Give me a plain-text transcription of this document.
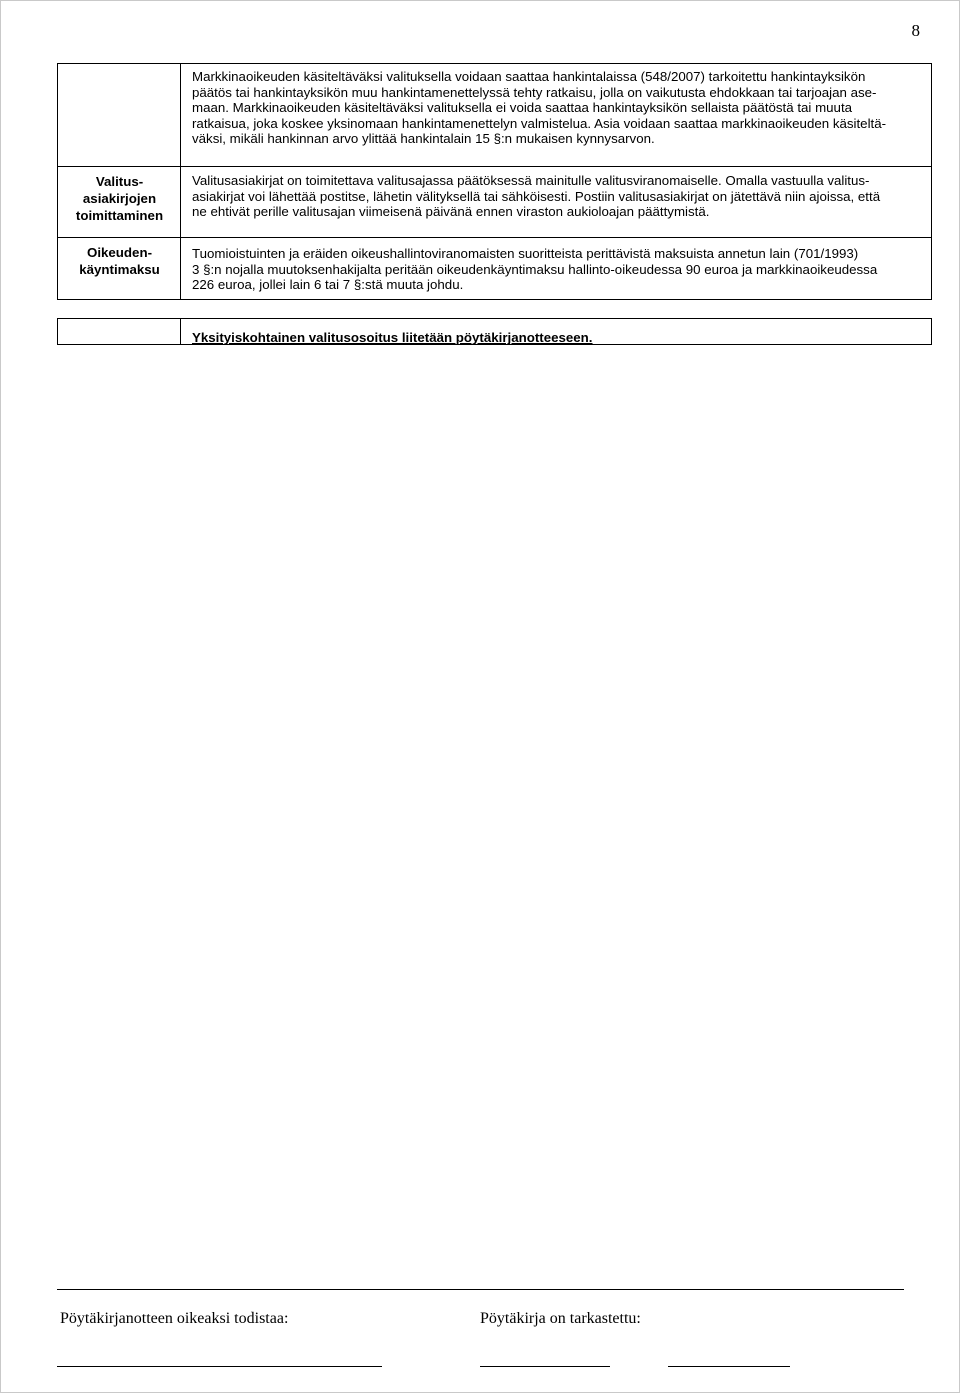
8
Markkinaoikeuden käsiteltäväksi valituksella voidaan saattaa hankintalaissa (548/2007) tarkoitettu hankintayksikön
päätös tai hankintayksikön muu hankintamenettelyssä tehty ratkaisu, jolla on vaikutusta ehdokkaan tai tarjoajan ase-
maan. Markkinaoikeuden käsiteltäväksi valituksella ei voida saattaa hankintayksikön sellaista päätöstä tai muuta
ratkaisua, joka koskee yksinomaan hankintamenettelyn valmistelua. Asia voidaan saattaa markkinaoikeuden käsiteltä-
väksi, mikäli hankinnan arvo ylittää hankintalain 15 §:n mukaisen kynnysarvon.
Valitus-
asiakirjojen
toimittaminen
Valitusasiakirjat on toimitettava valitusajassa päätöksessä mainitulle valitusviranomaiselle. Omalla vastuulla valitus-
asiakirjat voi lähettää postitse, lähetin välityksellä tai sähköisesti. Postiin valitusasiakirjat on jätettävä niin ajoissa, että
ne ehtivät perille valitusajan viimeisenä päivänä ennen viraston aukioloajan päättymistä.
Oikeuden-
käyntimaksu
Tuomioistuinten ja eräiden oikeushallintoviranomaisten suoritteista perittävistä maksuista annetun lain (701/1993)
3 §:n nojalla muutoksenhakijalta peritään oikeudenkäyntimaksu hallinto-oikeudessa 90 euroa ja markkinaoikeudessa
226 euroa, jollei lain 6 tai 7 §:stä muuta johdu.
Yksityiskohtainen valitusosoitus liitetään pöytäkirjanotteeseen.
Pöytäkirjanotteen oikeaksi todistaa:	Pöytäkirja on tarkastettu:
